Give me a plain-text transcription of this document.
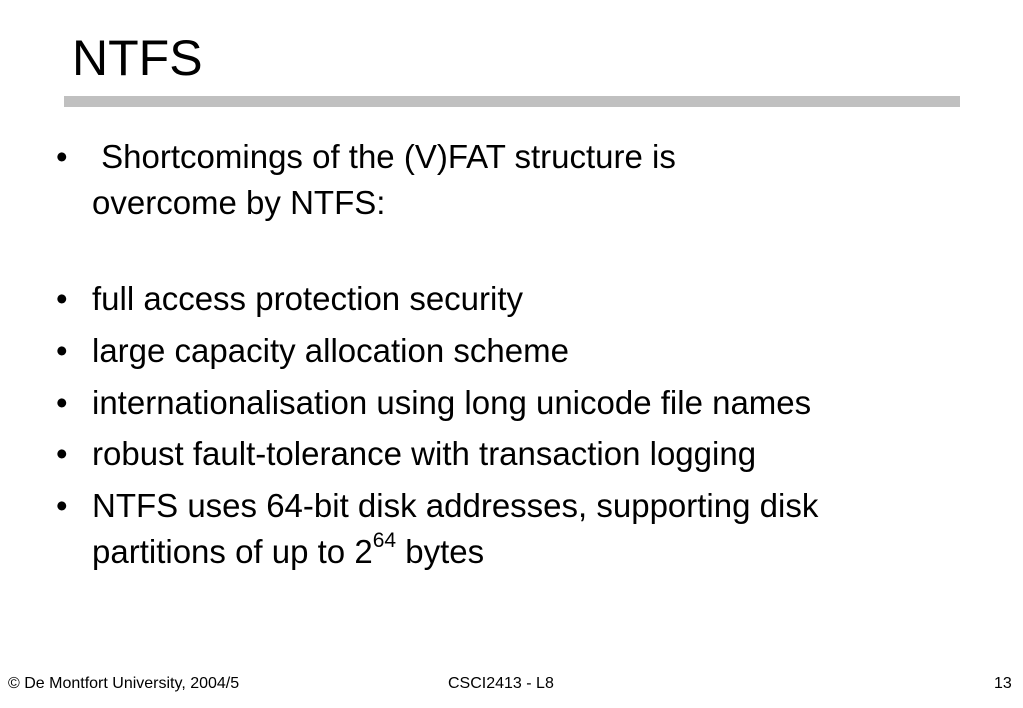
NTFS
• Shortcomings of the (V)FAT structure is
overcome by NTFS:
• full access protection security
• large capacity allocation scheme
• internationalisation using long unicode file names
• robust fault-tolerance with transaction logging
• NTFS uses 64-bit disk addresses, supporting disk
partitions of up to $2^{64}$ bytes
© De Montfort University, 2004/5	CSCI2413 - L8	13
